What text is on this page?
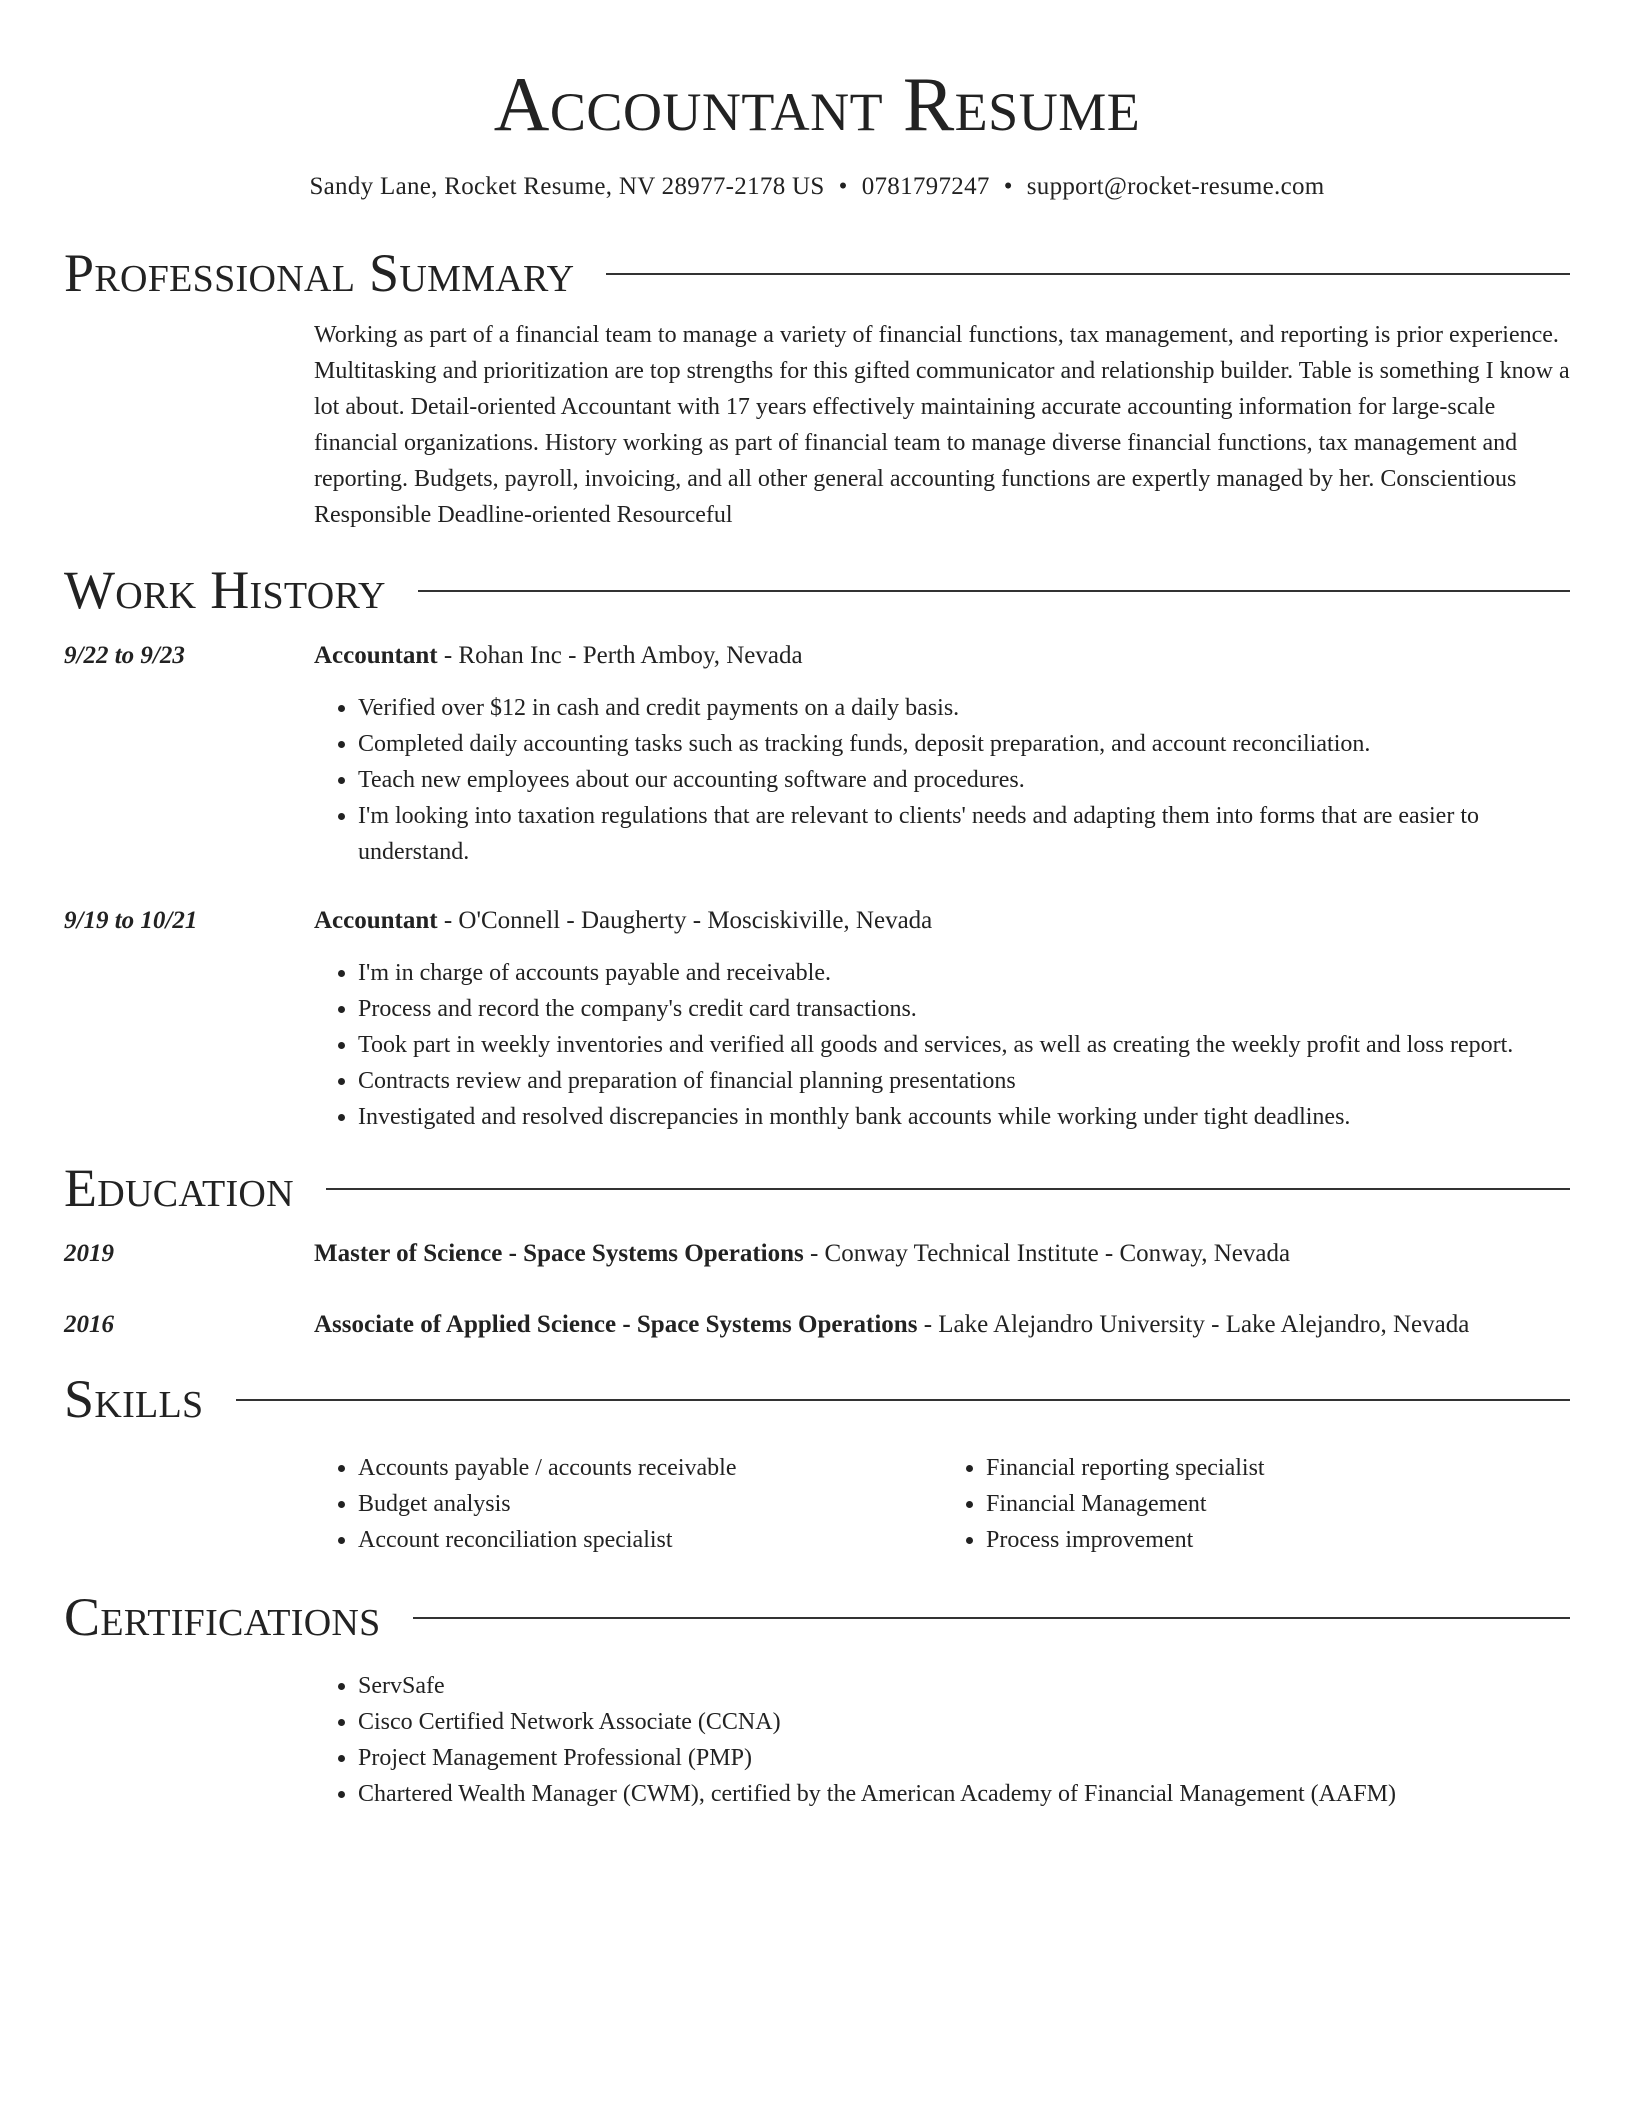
Accountant Resume
Sandy Lane, Rocket Resume, NV 28977-2178 US • 0781797247 • support@rocket-resume.com
Professional Summary

Working as part of a financial team to manage a variety of financial functions, tax management, and reporting is prior experience. Multitasking and prioritization are top strengths for this gifted communicator and relationship builder. Table is something I know a lot about. Detail-oriented Accountant with 17 years effectively maintaining accurate accounting information for large-scale financial organizations. History working as part of financial team to manage diverse financial functions, tax management and reporting. Budgets, payroll, invoicing, and all other general accounting functions are expertly managed by her. Conscientious Responsible Deadline-oriented Resourceful

Work History
9/22 to 9/23	Accountant - Rohan Inc - Perth Amboy, Nevada
• Verified over $12 in cash and credit payments on a daily basis.
• Completed daily accounting tasks such as tracking funds, deposit preparation, and account reconciliation.
• Teach new employees about our accounting software and procedures.
• I'm looking into taxation regulations that are relevant to clients' needs and adapting them into forms that are easier to understand.
9/19 to 10/21	Accountant - O'Connell - Daugherty - Mosciskiville, Nevada
• I'm in charge of accounts payable and receivable.
• Process and record the company's credit card transactions.
• Took part in weekly inventories and verified all goods and services, as well as creating the weekly profit and loss report.
• Contracts review and preparation of financial planning presentations
• Investigated and resolved discrepancies in monthly bank accounts while working under tight deadlines.
Education
2019	Master of Science - Space Systems Operations - Conway Technical Institute - Conway, Nevada
2016	Associate of Applied Science - Space Systems Operations - Lake Alejandro University - Lake Alejandro, Nevada
Skills
• Accounts payable / accounts receivable
• Budget analysis
• Account reconciliation specialist
• Financial reporting specialist
• Financial Management
• Process improvement
Certifications
• ServSafe
• Cisco Certified Network Associate (CCNA)
• Project Management Professional (PMP)
• Chartered Wealth Manager (CWM), certified by the American Academy of Financial Management (AAFM)
